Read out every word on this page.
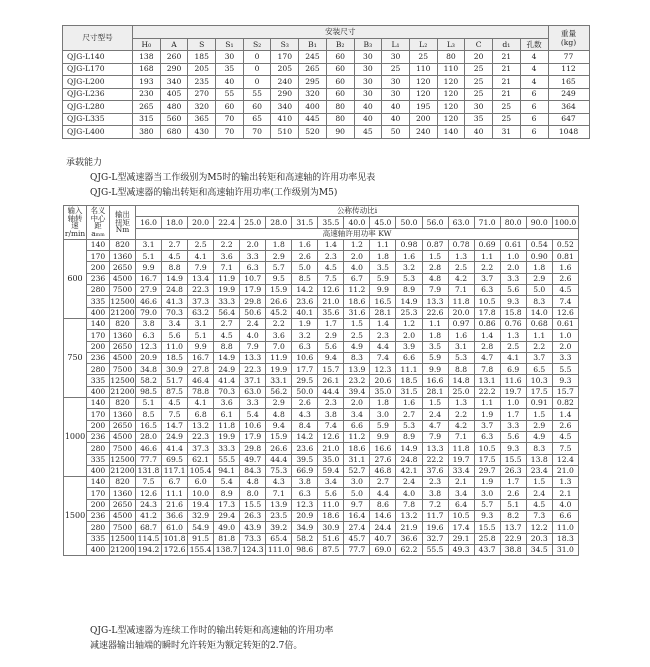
尺寸型号	安装尺寸															重量
(kg)
	H₀	A	S	S₁	S₂	S₃	B₁	B₂	B₃	L₁	L₂	L₃	C	d₁	孔数	
QJG-L140	138	260	185	30	0	170	245	60	30	30	25	80	20	21	4	77
QJG-L170	168	290	205	35	0	205	265	60	30	25	110	110	25	21	4	112
QJG-L200	193	340	235	40	0	240	295	60	30	30	120	120	25	21	4	165
QJG-L236	230	405	270	55	55	290	320	60	30	30	120	120	25	21	6	249
QJG-L280	265	480	320	60	60	340	400	80	40	40	195	120	30	25	6	364
QJG-L335	315	560	365	70	65	410	445	80	40	40	200	120	35	25	6	647
QJG-L400	380	680	430	70	70	510	520	90	45	50	240	140	40	31	6	1048
承载能力
QJG-L型减速器当工作级别为M5时的输出转矩和高速轴的许用功率见表
QJG-L型减速器的输出转矩和高速轴许用功率(工作级别为M5)
输入
轴转
速
r/min	名义
中心
距
aₘₘ	输出
扭矩
Nm	公称传动比i																
			16.0	18.0	20.0	22.4	25.0	28.0	31.5	35.5	40.0	45.0	50.0	56.0	63.0	71.0	80.0	90.0	100.0
			高速轴许用功率 KW																
600	140	820	3.1	2.7	2.5	2.2	2.0	1.8	1.6	1.4	1.2	1.1	0.98	0.87	0.78	0.69	0.61	0.54	0.52
	170	1360	5.1	4.5	4.1	3.6	3.3	2.9	2.6	2.3	2.0	1.8	1.6	1.5	1.3	1.1	1.0	0.90	0.81
	200	2650	9.9	8.8	7.9	7.1	6.3	5.7	5.0	4.5	4.0	3.5	3.2	2.8	2.5	2.2	2.0	1.8	1.6
	236	4500	16.7	14.9	13.4	11.9	10.7	9.5	8.5	7.5	6.7	5.9	5.3	4.8	4.2	3.7	3.3	2.9	2.6
	280	7500	27.9	24.8	22.3	19.9	17.9	15.9	14.2	12.6	11.2	9.9	8.9	7.9	7.1	6.3	5.6	5.0	4.5
	335	12500	46.6	41.3	37.3	33.3	29.8	26.6	23.6	21.0	18.6	16.5	14.9	13.3	11.8	10.5	9.3	8.3	7.4
	400	21200	79.0	70.3	63.2	56.4	50.6	45.2	40.1	35.6	31.6	28.1	25.3	22.6	20.0	17.8	15.8	14.0	12.6
750	140	820	3.8	3.4	3.1	2.7	2.4	2.2	1.9	1.7	1.5	1.4	1.2	1.1	0.97	0.86	0.76	0.68	0.61
	170	1360	6.3	5.6	5.1	4.5	4.0	3.6	3.2	2.9	2.5	2.3	2.0	1.8	1.6	1.4	1.3	1.1	1.0
	200	2650	12.3	11.0	9.9	8.8	7.9	7.0	6.3	5.6	4.9	4.4	3.9	3.5	3.1	2.8	2.5	2.2	2.0
	236	4500	20.9	18.5	16.7	14.9	13.3	11.9	10.6	9.4	8.3	7.4	6.6	5.9	5.3	4.7	4.1	3.7	3.3
	280	7500	34.8	30.9	27.8	24.9	22.3	19.9	17.7	15.7	13.9	12.3	11.1	9.9	8.8	7.8	6.9	6.5	5.5
	335	12500	58.2	51.7	46.4	41.4	37.1	33.1	29.5	26.1	23.2	20.6	18.5	16.6	14.8	13.1	11.6	10.3	9.3
	400	21200	98.5	87.5	78.8	70.3	63.0	56.2	50.0	44.4	39.4	35.0	31.5	28.1	25.0	22.2	19.7	17.5	15.7
1000	140	820	5.1	4.5	4.1	3.6	3.3	2.9	2.6	2.3	2.0	1.8	1.6	1.5	1.3	1.1	1.0	0.91	0.82
	170	1360	8.5	7.5	6.8	6.1	5.4	4.8	4.3	3.8	3.4	3.0	2.7	2.4	2.2	1.9	1.7	1.5	1.4
	200	2650	16.5	14.7	13.2	11.8	10.6	9.4	8.4	7.4	6.6	5.9	5.3	4.7	4.2	3.7	3.3	2.9	2.6
	236	4500	28.0	24.9	22.3	19.9	17.9	15.9	14.2	12.6	11.2	9.9	8.9	7.9	7.1	6.3	5.6	4.9	4.5
	280	7500	46.6	41.4	37.3	33.3	29.8	26.6	23.6	21.0	18.6	16.6	14.9	13.3	11.8	10.5	9.3	8.3	7.5
	335	12500	77.7	69.5	62.1	55.5	49.7	44.4	39.5	35.0	31.1	27.6	24.8	22.2	19.7	17.5	15.5	13.8	12.4
	400	21200	131.8	117.1	105.4	94.1	84.3	75.3	66.9	59.4	52.7	46.8	42.1	37.6	33.4	29.7	26.3	23.4	21.0
1500	140	820	7.5	6.7	6.0	5.4	4.8	4.3	3.8	3.4	3.0	2.7	2.4	2.3	2.1	1.9	1.7	1.5	1.3
	170	1360	12.6	11.1	10.0	8.9	8.0	7.1	6.3	5.6	5.0	4.4	4.0	3.8	3.4	3.0	2.6	2.4	2.1
	200	2650	24.3	21.6	19.4	17.3	15.5	13.9	12.3	11.0	9.7	8.6	7.8	7.2	6.4	5.7	5.1	4.5	4.0
	236	4500	41.2	36.6	32.9	29.4	26.3	23.5	20.9	18.6	16.4	14.6	13.2	11.7	10.5	9.3	8.2	7.3	6.6
	280	7500	68.7	61.0	54.9	49.0	43.9	39.2	34.9	30.9	27.4	24.4	21.9	19.6	17.4	15.5	13.7	12.2	11.0
	335	12500	114.5	101.8	91.5	81.8	73.3	65.4	58.2	51.6	45.7	40.7	36.6	32.7	29.1	25.8	22.9	20.3	18.3
	400	21200	194.2	172.6	155.4	138.7	124.3	111.0	98.6	87.5	77.7	69.0	62.2	55.5	49.3	43.7	38.8	34.5	31.0
QJG-L型减速器为连续工作时的输出转矩和高速轴的许用功率
减速器输出轴端的瞬时允许转矩为额定转矩的2.7倍。
